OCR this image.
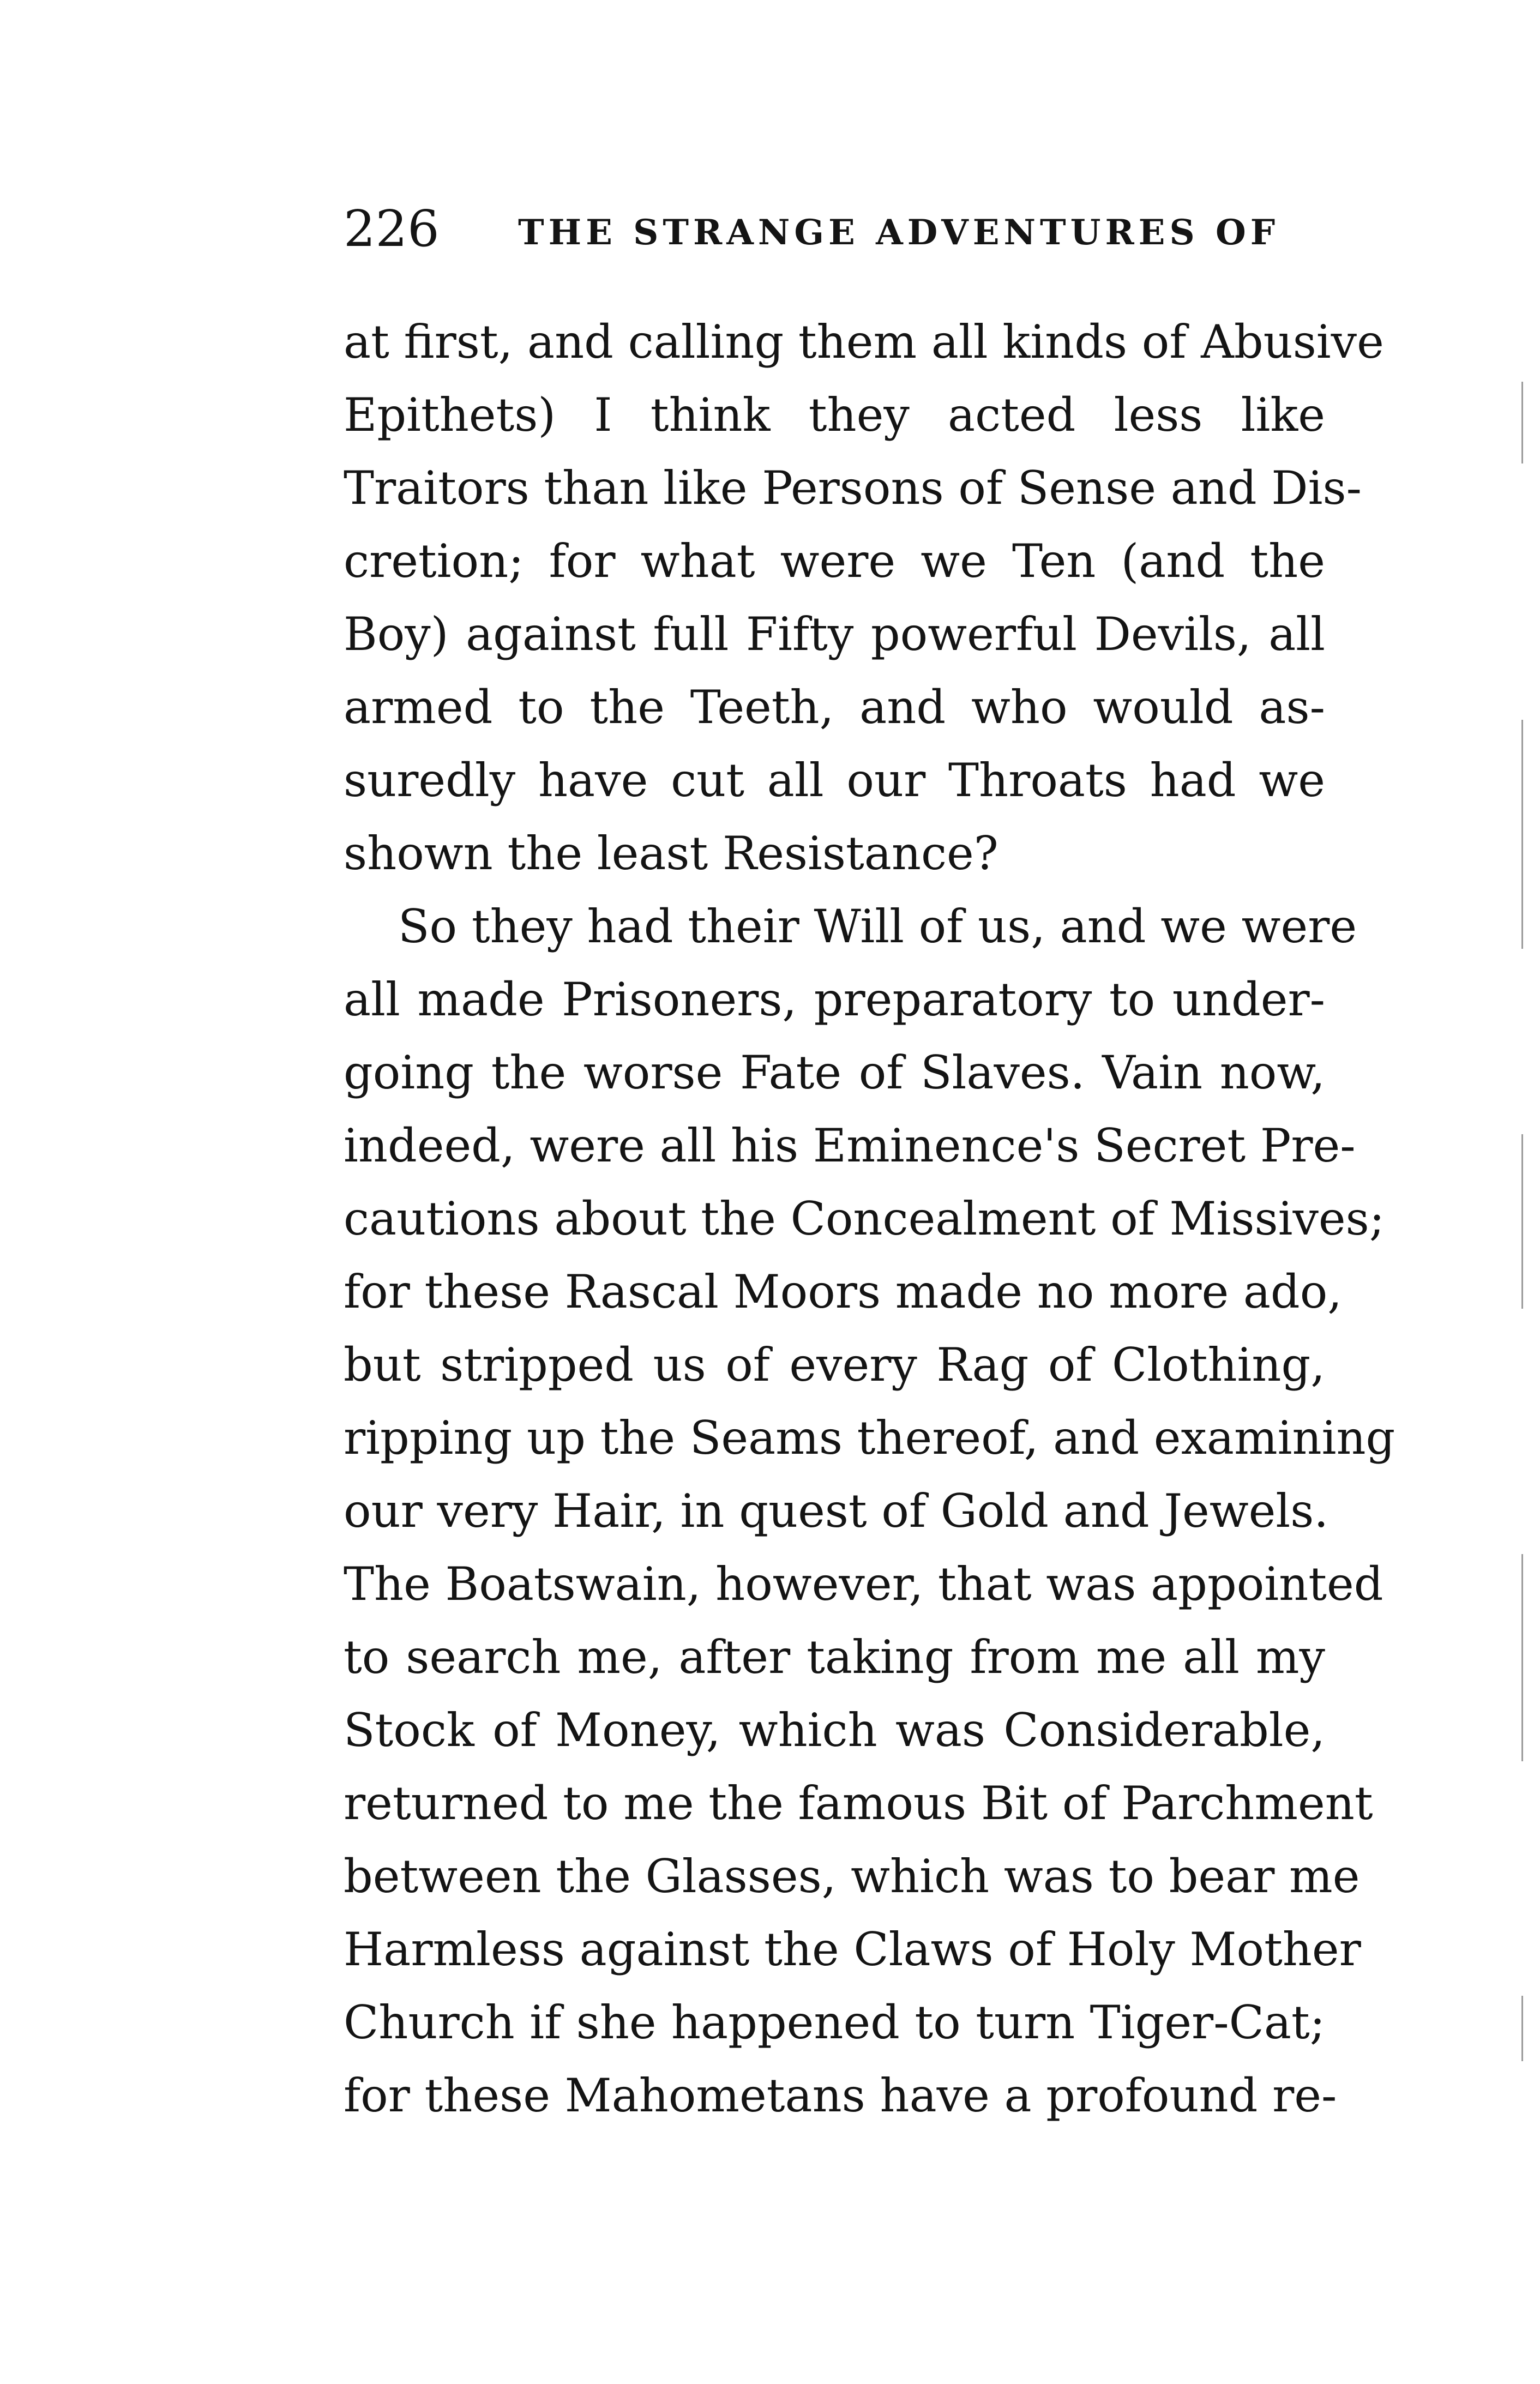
226 THE STRANGE ADVENTURES OF
at first, and calling them all kinds of Abusive
Epithets) I think they acted less like
Traitors than like Persons of Sense and Dis-
cretion; for what were we Ten (and the
Boy) against full Fifty powerful Devils, all
armed to the Teeth, and who would as-
suredly have cut all our Throats had we
shown the least Resistance?
So they had their Will of us, and we were
all made Prisoners, preparatory to under-
going the worse Fate of Slaves. Vain now,
indeed, were all his Eminence's Secret Pre-
cautions about the Concealment of Missives;
for these Rascal Moors made no more ado,
but stripped us of every Rag of Clothing,
ripping up the Seams thereof, and examining
our very Hair, in quest of Gold and Jewels.
The Boatswain, however, that was appointed
to search me, after taking from me all my
Stock of Money, which was Considerable,
returned to me the famous Bit of Parchment
between the Glasses, which was to bear me
Harmless against the Claws of Holy Mother
Church if she happened to turn Tiger-Cat;
for these Mahometans have a profound re-
